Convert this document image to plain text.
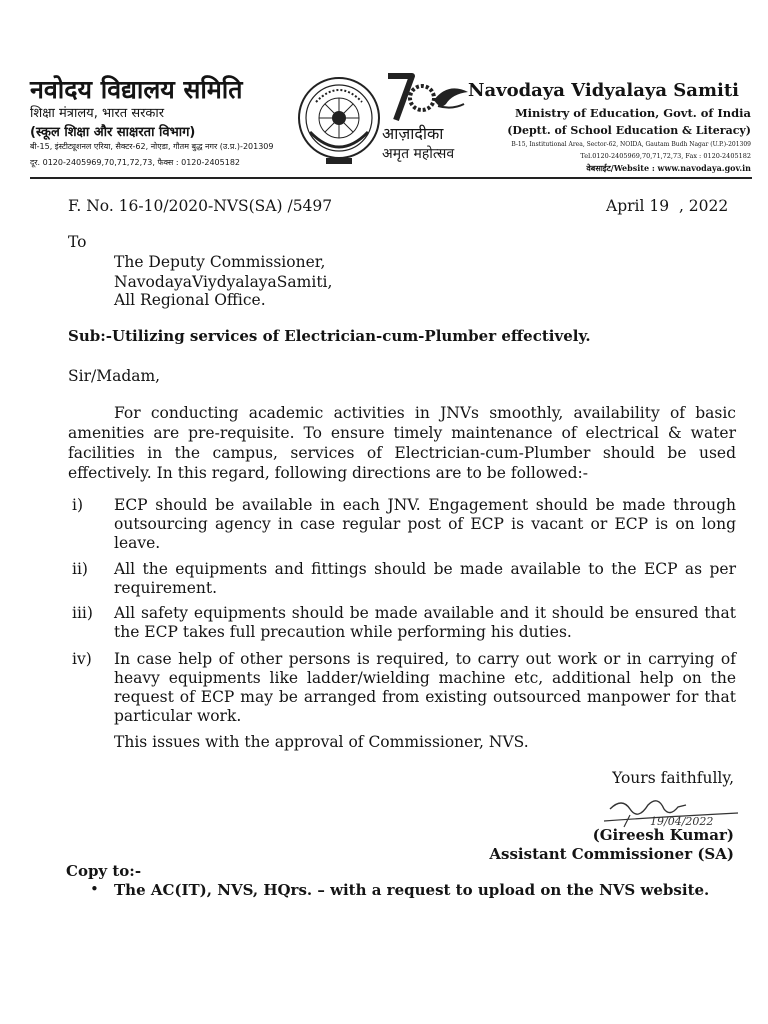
नवोदय विद्यालय समिति
शिक्षा मंत्रालय, भारत सरकार
(स्कूल शिक्षा और साक्षरता विभाग)
बी-15, इंस्टीट्यूशनल एरिया, सैक्टर-62, नोएडा, गौतम बुद्ध नगर (उ.प्र.)-201309
दूर. 0120-2405969,70,71,72,73, फैक्स : 0120-2405182
आज़ादीका
अमृत महोत्सव
Navodaya Vidyalaya Samiti
Ministry of Education, Govt. of India
(Deptt. of School Education & Literacy)
B-15, Institutional Area, Sector-62, NOIDA, Gautam Budh Nagar (U.P.)-201309
Tel.0120-2405969,70,71,72,73, Fax : 0120-2405182
वेबसाईट/Website : www.navodaya.gov.in
F. No. 16-10/2020-NVS(SA) /5497	April 19  , 2022
To
The Deputy Commissioner,
NavodayaViydyalayaSamiti,
All Regional Office.
Sub:-Utilizing services of Electrician-cum-Plumber effectively.
Sir/Madam,
For conducting academic activities in JNVs smoothly, availability of basic amenities are pre-requisite. To ensure timely maintenance of electrical & water facilities in the campus, services of Electrician-cum-Plumber should be used effectively. In this regard, following directions are to be followed:-
i)	ECP should be available in each JNV. Engagement should be made through outsourcing agency in case regular post of ECP is vacant or ECP is on long leave.
ii)	All the equipments and fittings should be made available to the ECP as per requirement.
iii)	All safety equipments should be made available and it should be ensured that the ECP takes full precaution while performing his duties.
iv)	In case help of other persons is required, to carry out work or in carrying of heavy equipments like ladder/wielding machine etc, additional help on the request of ECP may be arranged from existing outsourced manpower for that particular work.
This issues with the approval of Commissioner, NVS.
Yours faithfully,
19/04/2022
(Gireesh Kumar)
Assistant Commissioner (SA)
Copy to:-
• The AC(IT), NVS, HQrs. – with a request to upload on the NVS website.
